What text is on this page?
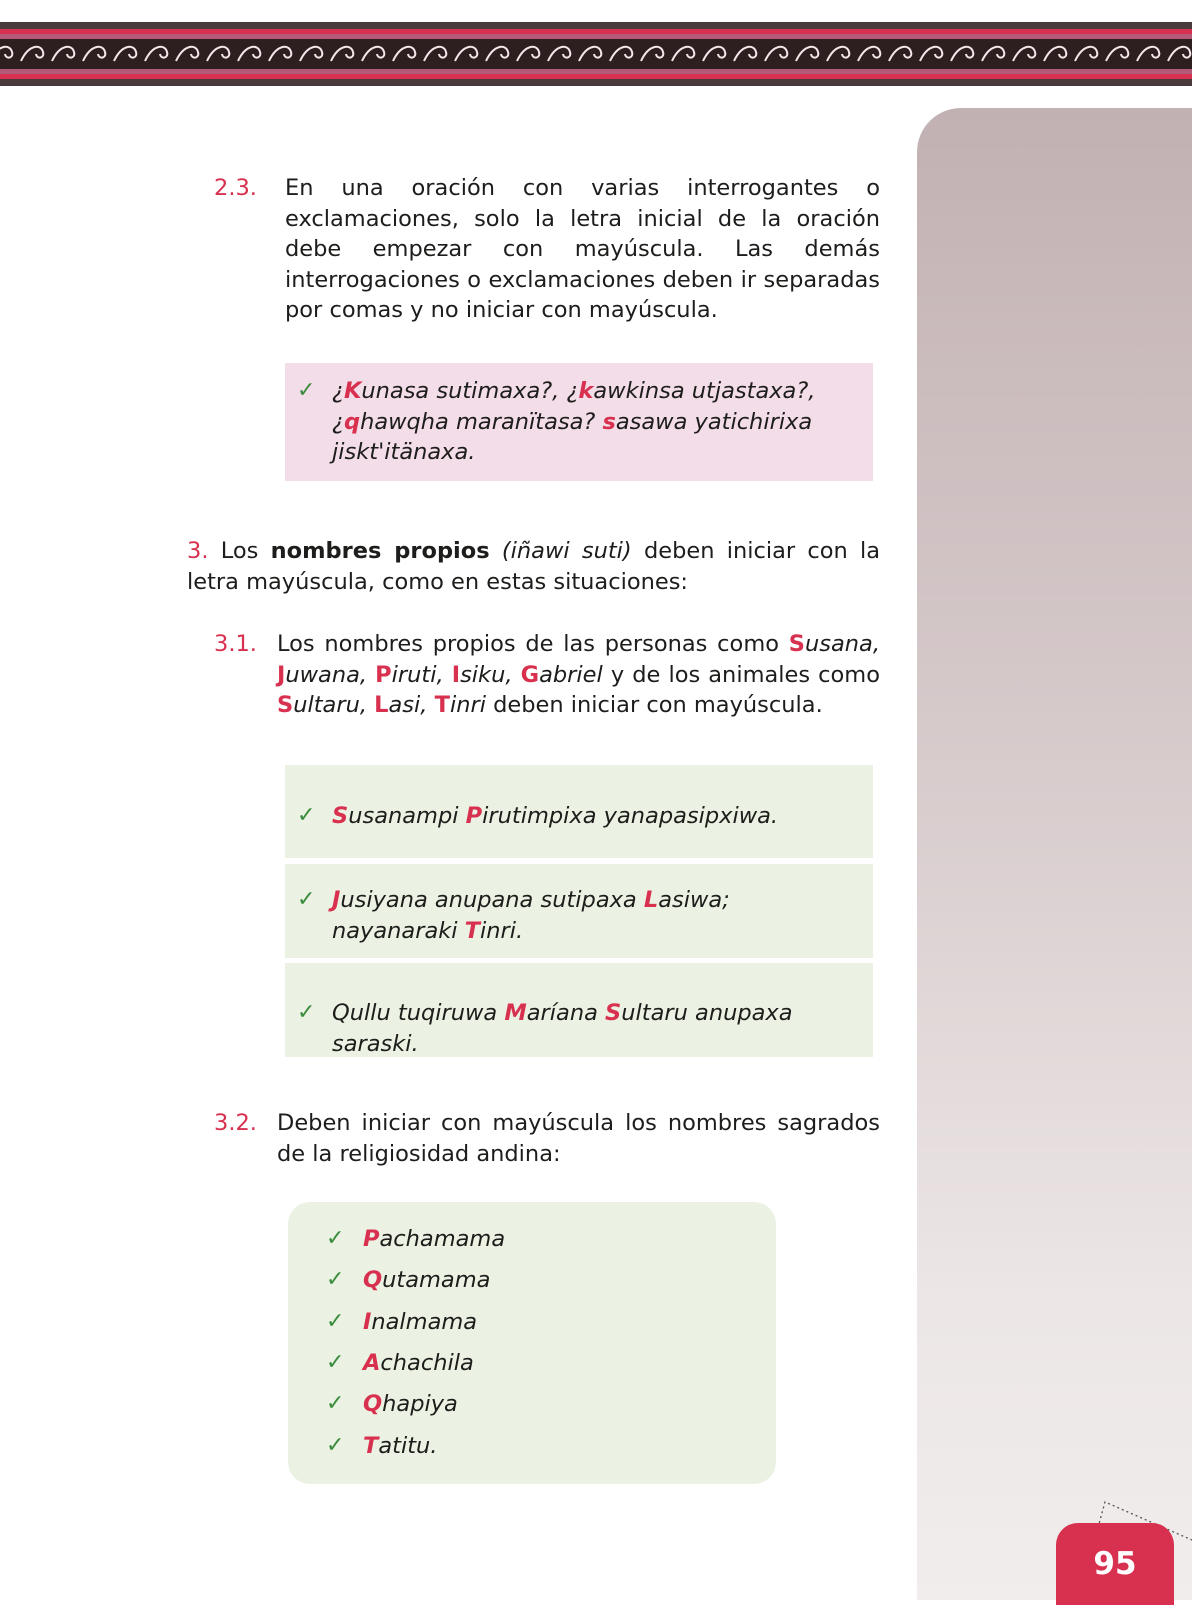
95
2.3.	En una oración con varias interrogantes o exclamaciones, solo la letra inicial de la oración debe empezar con mayúscula. Las demás interrogaciones o exclamaciones deben ir separadas por comas y no iniciar con mayúscula.
✓ ¿Kunasa sutimaxa?, ¿kawkinsa utjastaxa?, ¿qhawqha maranïtasa? sasawa yatichirixa jiskt'itänaxa.
3. Los nombres propios (iñawi suti) deben iniciar con la letra mayúscula, como en estas situaciones:
3.1. Los nombres propios de las personas como Susana, Juwana, Piruti, Isiku, Gabriel y de los animales como Sultaru, Lasi, Tinri deben iniciar con mayúscula.
✓ Susanampi Pirutimpixa yanapasipxiwa.
✓ Jusiyana anupana sutipaxa Lasiwa; nayanaraki Tinri.
✓ Qullu tuqiruwa Maríana Sultaru anupaxa saraski.
3.2. Deben iniciar con mayúscula los nombres sagrados de la religiosidad andina:
✓ Pachamama
✓ Qutamama
✓ Inalmama
✓ Achachila
✓ Qhapiya
✓ Tatitu.
